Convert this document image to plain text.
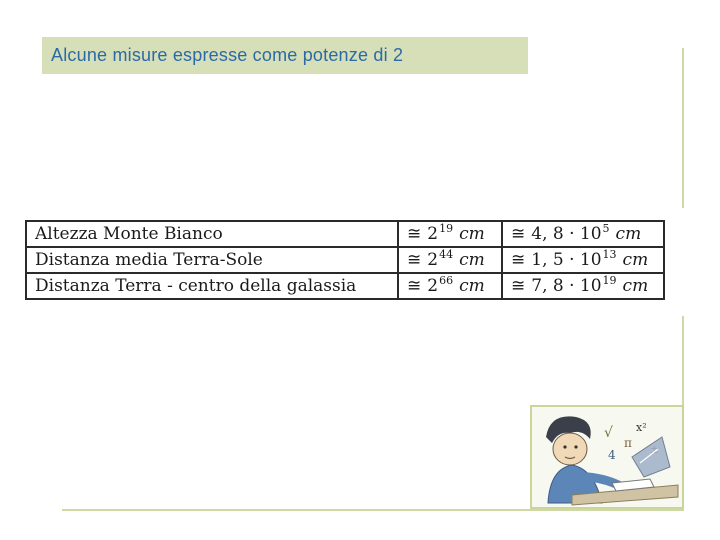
Alcune misure espresse come potenze di 2
Altezza Monte Bianco	≅ $2^{19}$ cm	≅ 4, $8 \cdot 10^5$ cm
Distanza media Terra-Sole	≅ $2^{44}$ cm	≅ 1, $5 \cdot 10^{13}$ cm
Distanza Terra - centro della galassia	≅ $2^{66}$ cm	≅ 7, $8 \cdot 10^{19}$ cm
√
π
4
x²
